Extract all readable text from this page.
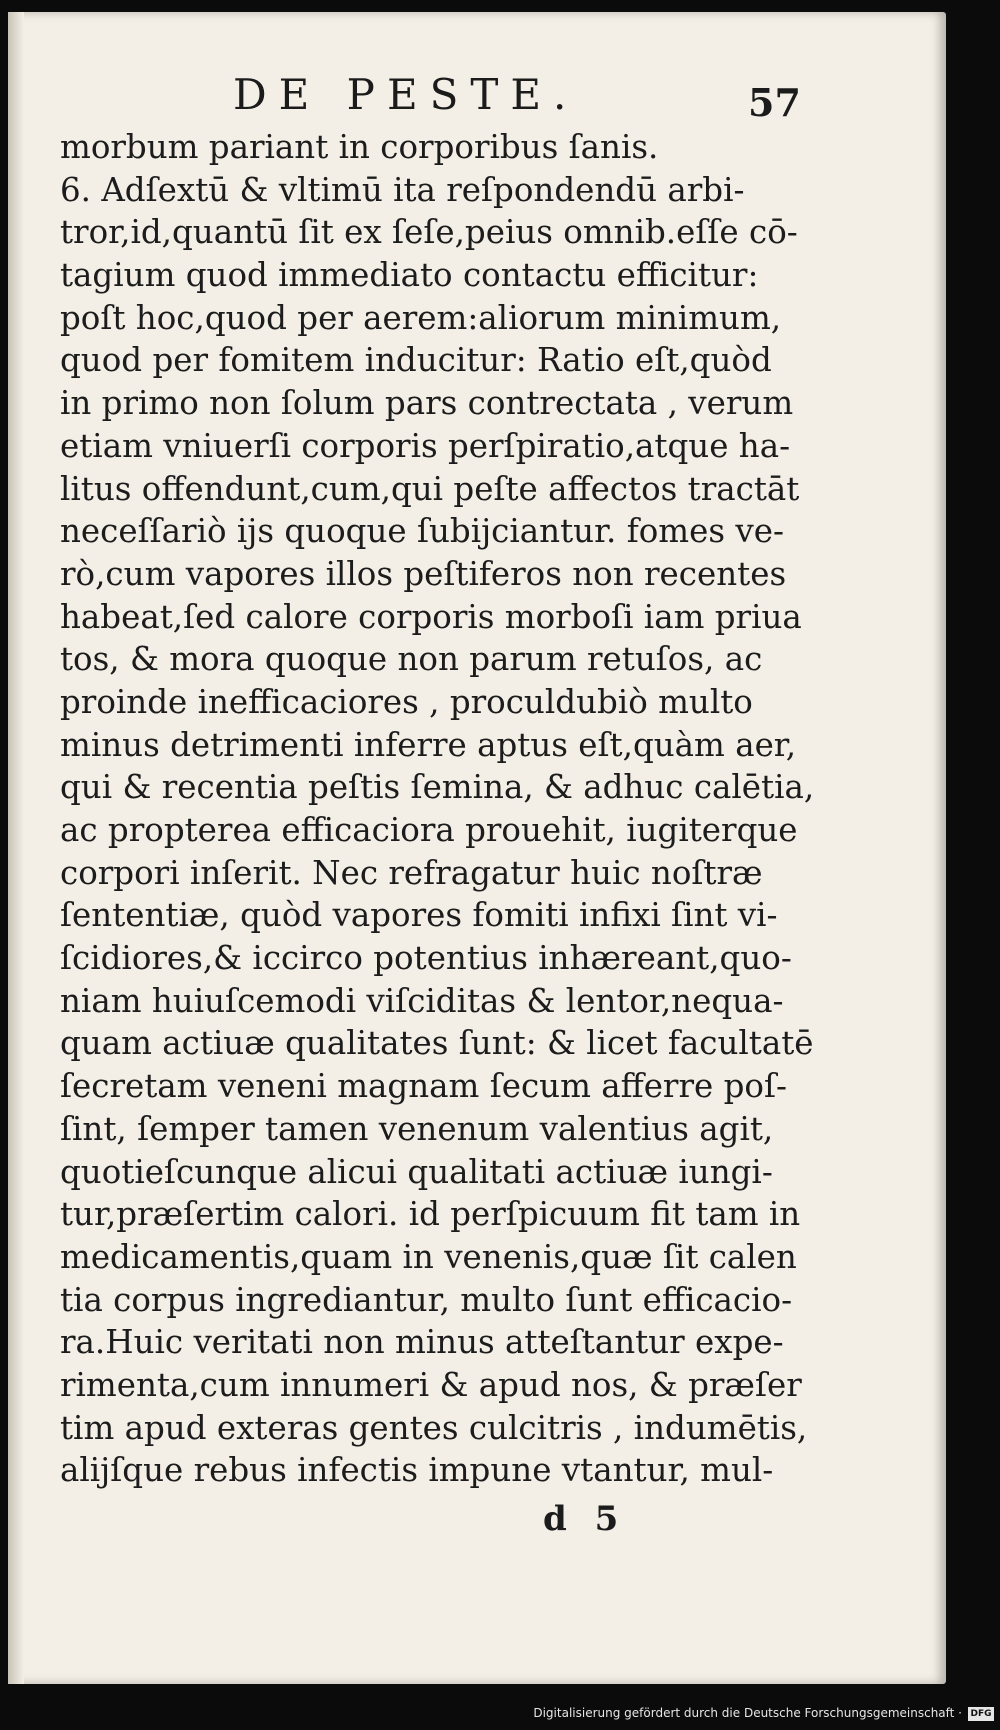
DE PESTE.	57
morbum pariant in corporibus ſanis.
6. Adſextū & vltimū ita reſpondendū arbi-
tror,id,quantū ſit ex ſeſe,peius omnib.eſſe cō-
tagium quod immediato contactu efficitur:
poſt hoc,quod per aerem:aliorum minimum,
quod per fomitem inducitur: Ratio eſt,quòd
in primo non ſolum pars contrectata , verum
etiam vniuerſi corporis perſpiratio,atque ha-
litus offendunt,cum,qui peſte affectos tractāt
neceſſariò ijs quoque ſubijciantur. fomes ve-
rò,cum vapores illos peſtiferos non recentes
habeat,ſed calore corporis morboſi iam priua
tos, & mora quoque non parum retuſos, ac
proinde inefficaciores , proculdubiò multo
minus detrimenti inferre aptus eſt,quàm aer,
qui & recentia peſtis ſemina, & adhuc calētia,
ac propterea efficaciora prouehit, iugiterque
corpori inſerit. Nec refragatur huic noſtræ
ſententiæ, quòd vapores fomiti infixi ſint vi-
ſcidiores,& iccirco potentius inhæreant,quo-
niam huiuſcemodi viſciditas & lentor,nequa-
quam actiuæ qualitates ſunt: & licet facultatē
ſecretam veneni magnam ſecum afferre poſ-
ſint, ſemper tamen venenum valentius agit,
quotieſcunque alicui qualitati actiuæ iungi-
tur,præſertim calori. id perſpicuum fit tam in
medicamentis,quam in venenis,quæ ſit calen
tia corpus ingrediantur, multo ſunt efficacio-
ra.Huic veritati non minus atteſtantur expe-
rimenta,cum innumeri & apud nos, & præſer
tim apud exteras gentes culcitris , indumētis,
alijſque rebus infectis impune vtantur, mul-
d 5
Digitalisierung gefördert durch die Deutsche Forschungsgemeinschaft · DFG
